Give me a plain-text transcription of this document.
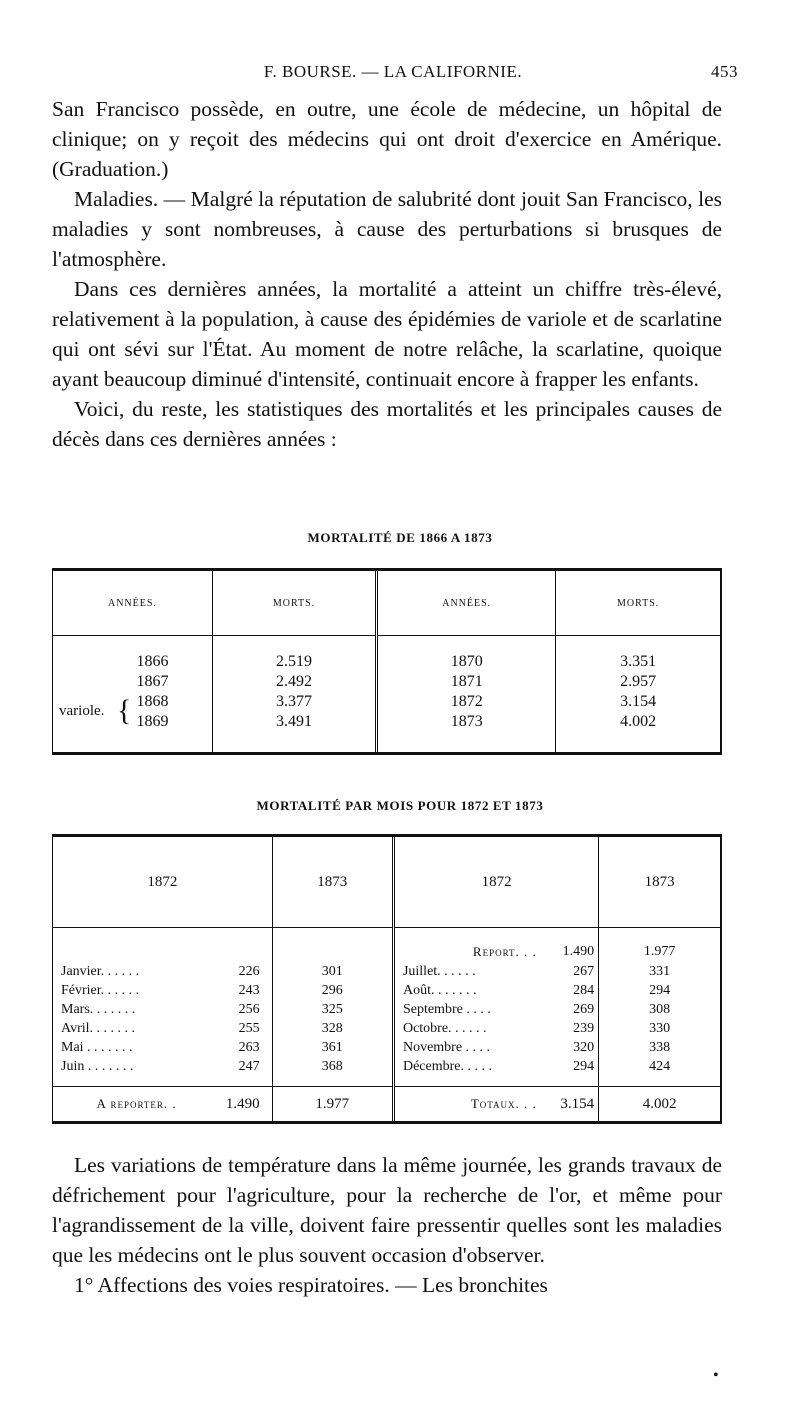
F. BOURSE. — LA CALIFORNIE.	453

San Francisco possède, en outre, une école de médecine, un hôpital de clinique; on y reçoit des médecins qui ont droit d'exercice en Amérique. (Graduation.)

Maladies. — Malgré la réputation de salubrité dont jouit San Francisco, les maladies y sont nombreuses, à cause des perturbations si brusques de l'atmosphère.

Dans ces dernières années, la mortalité a atteint un chiffre très-élevé, relativement à la population, à cause des épidémies de variole et de scarlatine qui ont sévi sur l'État. Au moment de notre relâche, la scarlatine, quoique ayant beaucoup diminué d'intensité, continuait encore à frapper les enfants.

Voici, du reste, les statistiques des mortalités et les principales causes de décès dans ces dernières années :

MORTALITÉ DE 1866 A 1873
ANNÉES.	MORTS.	ANNÉES.	MORTS.

1866	2.519	1870	3.351
1867	2.492	1871	2.957

variole. { 1868	3.377	1872	3.154
1869	3.491	1873	4.002

MORTALITÉ PAR MOIS POUR 1872 ET 1873
1872		1873	1872		1873

			Report. . .	1.490	1.977
Janvier. . . . . .	226	301	Juillet. . . . . .	267	331
Février. . . . . .	243	296	Août. . . . . . .	284	294
Mars. . . . . . .	256	325	Septembre . . . .	269	308
Avril. . . . . . .	255	328	Octobre. . . . . .	239	330
Mai . . . . . . .	263	361	Novembre . . . .	320	338
Juin . . . . . . .	247	368	Décembre. . . . .	294	424

A reporter. .	1.490	1.977	Totaux. . .	3.154	4.002

Les variations de température dans la même journée, les grands travaux de défrichement pour l'agriculture, pour la recherche de l'or, et même pour l'agrandissement de la ville, doivent faire pressentir quelles sont les maladies que les médecins ont le plus souvent occasion d'observer.

1° Affections des voies respiratoires. — Les bronchites

•
